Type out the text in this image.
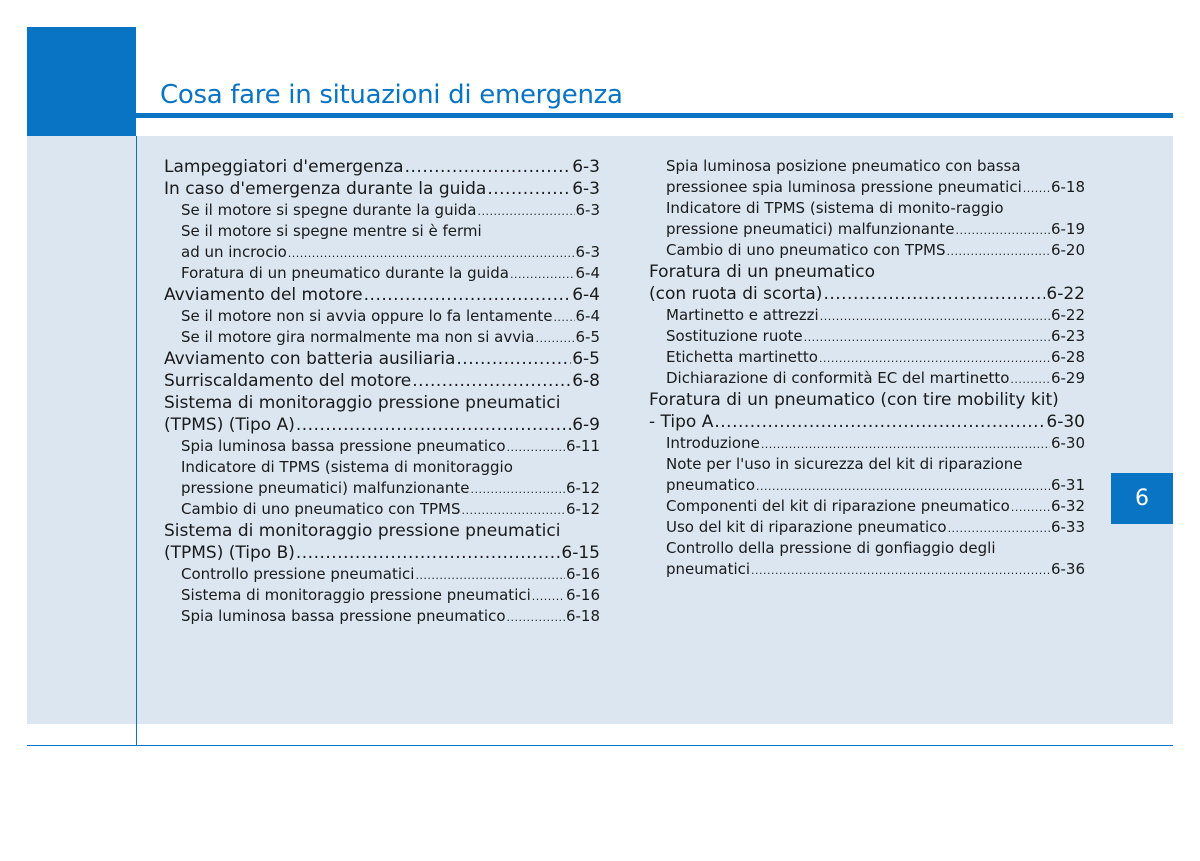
Cosa fare in situazioni di emergenza
Lampeggiatori d'emergenza .....	6-3
In caso d'emergenza durante la guida .....	6-3
Se il motore si spegne durante la guida .....	6-3
Se il motore si spegne mentre si è fermi
ad un incrocio .....	6-3
Foratura di un pneumatico durante la guida .....	6-4
Avviamento del motore .....	6-4
Se il motore non si avvia oppure lo fa lentamente ..... 6-4
Se il motore gira normalmente ma non si avvia .....	6-5
Avviamento con batteria ausiliaria .....	6-5
Surriscaldamento del motore .....	6-8
Sistema di monitoraggio pressione pneumatici
(TPMS) (Tipo A) .....	6-9
Spia luminosa bassa pressione pneumatico .....	6-11
Indicatore di TPMS (sistema di monitoraggio
pressione pneumatici) malfunzionante .....	6-12
Cambio di uno pneumatico con TPMS .....	6-12
Sistema di monitoraggio pressione pneumatici
(TPMS) (Tipo B) .....	6-15
Controllo pressione pneumatici .....	6-16
Sistema di monitoraggio pressione pneumatici ..... 6-16
Spia luminosa bassa pressione pneumatico .....	6-18
Spia luminosa posizione pneumatico con bassa
pressionee spia luminosa pressione pneumatici ..... 6-18
Indicatore di TPMS (sistema di monito-raggio
pressione pneumatici) malfunzionante .....	6-19
Cambio di uno pneumatico con TPMS .....	6-20
Foratura di un pneumatico
(con ruota di scorta) .....	6-22
Martinetto e attrezzi .....	6-22
Sostituzione ruote .....	6-23
Etichetta martinetto .....	6-28
Dichiarazione di conformità EC del martinetto .....	6-29
Foratura di un pneumatico (con tire mobility kit)
- Tipo A .....	6-30
Introduzione .....	6-30
Note per l'uso in sicurezza del kit di riparazione
pneumatico .....	6-31
Componenti del kit di riparazione pneumatico .....	6-32
Uso del kit di riparazione pneumatico .....	6-33
Controllo della pressione di gonfiaggio degli
pneumatici .....	6-36
6
